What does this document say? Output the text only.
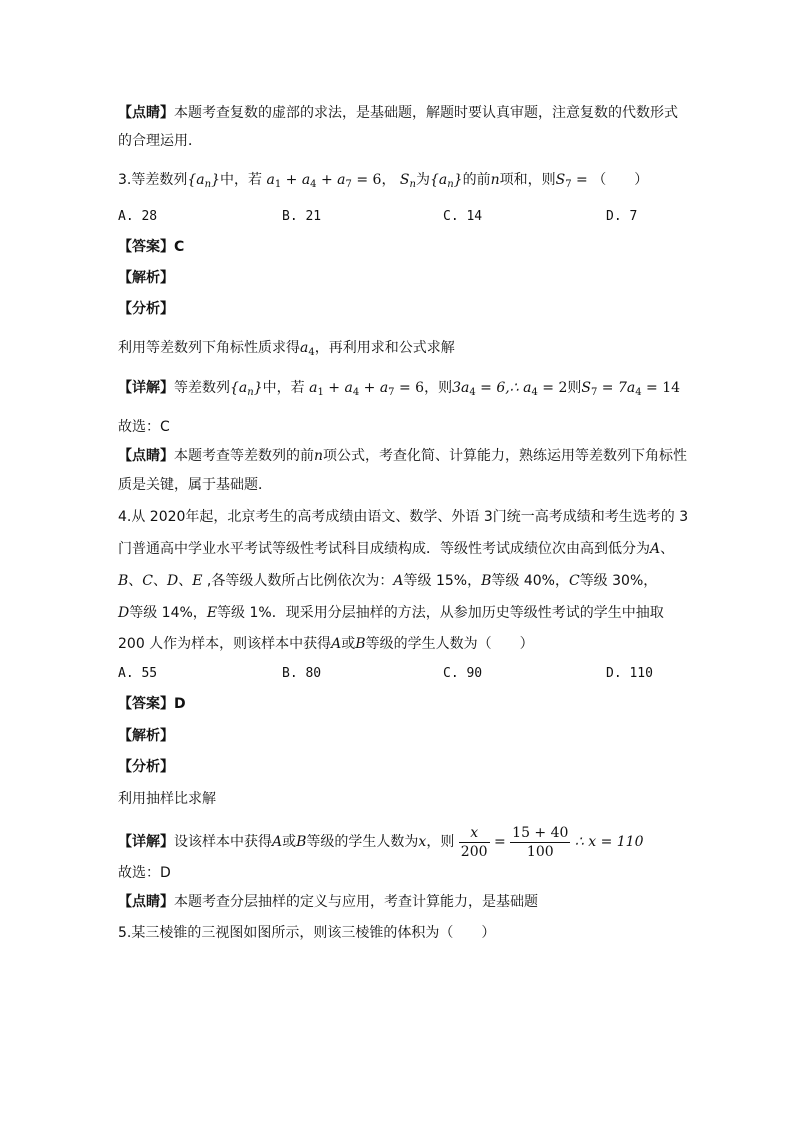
【点睛】本题考查复数的虚部的求法，是基础题，解题时要认真审题，注意复数的代数形式
的合理运用．
3.等差数列$\{a_n\}$中，若 $a_1 + a_4 + a_7 = 6$， $S_n$为$\{a_n\}$的前n项和，则$S_7$ = （　　）
A. 28	B. 21	C. 14	D. 7
【答案】C
【解析】
【分析】
利用等差数列下角标性质求得$a_4$，再利用求和公式求解
【详解】等差数列$\{a_n\}$中，若 $a_1 + a_4 + a_7 = 6$，则$3a_4$ = 6,∴ $a_4 = 2$则$S_7 = 7a_4 = 14$
故选：C
【点睛】本题考查等差数列的前n项公式，考查化简、计算能力，熟练运用等差数列下角标性
质是关键，属于基础题．
4.从 2020年起，北京考生的高考成绩由语文、数学、外语 3门统一高考成绩和考生选考的 3
门普通高中学业水平考试等级性考试科目成绩构成．等级性考试成绩位次由高到低分为A、
B、C、D、E ,各等级人数所占比例依次为：A等级 15%，B等级 40%，C等级 30%，
D等级 14%，E等级 1%．现采用分层抽样的方法，从参加历史等级性考试的学生中抽取
200 人作为样本，则该样本中获得A或B等级的学生人数为（　　）
A. 55	B. 80	C. 90	D. 110
【答案】D
【解析】
【分析】
利用抽样比求解
【详解】设该样本中获得A或B等级的学生人数为x，则 $\frac{x}{200} = \frac{15 + 40}{100}$ ∴ x = 110
故选：D
【点睛】本题考查分层抽样的定义与应用，考查计算能力，是基础题
5.某三棱锥的三视图如图所示，则该三棱锥的体积为（　　）
